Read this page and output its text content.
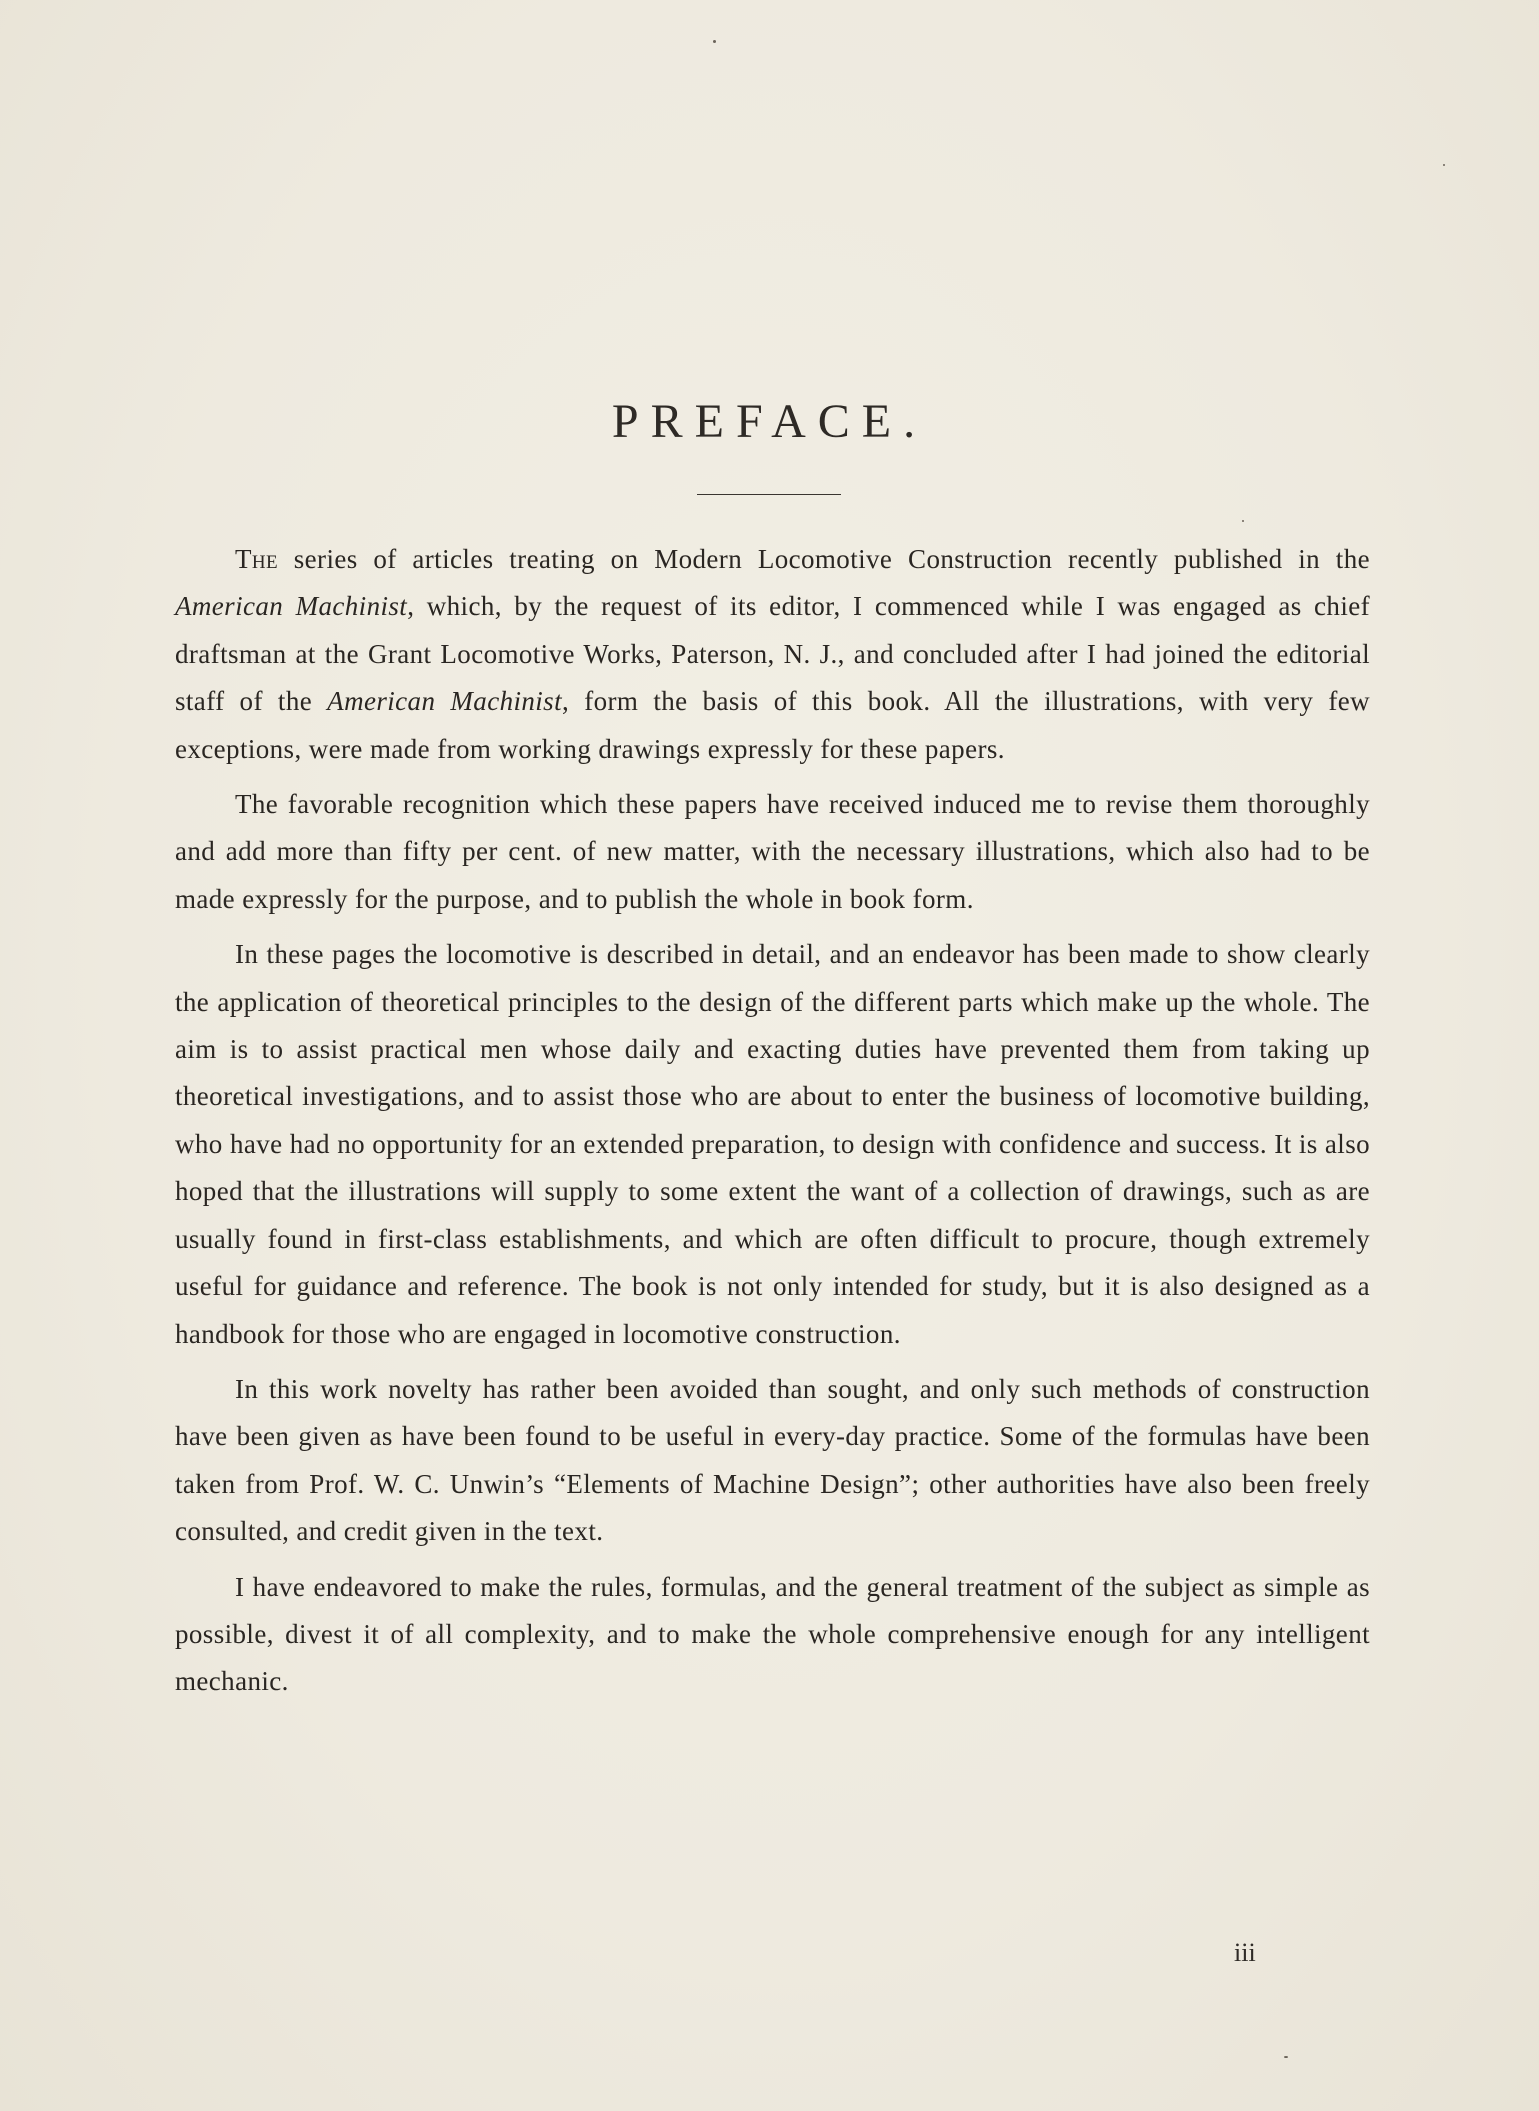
PREFACE.

The series of articles treating on Modern Locomotive Construction recently published in the American Machinist, which, by the request of its editor, I commenced while I was engaged as chief draftsman at the Grant Locomotive Works, Paterson, N. J., and concluded after I had joined the editorial staff of the American Machinist, form the basis of this book. All the illustrations, with very few exceptions, were made from working drawings expressly for these papers.

The favorable recognition which these papers have received induced me to revise them thoroughly and add more than fifty per cent. of new matter, with the necessary illustrations, which also had to be made expressly for the purpose, and to publish the whole in book form.

In these pages the locomotive is described in detail, and an endeavor has been made to show clearly the application of theoretical principles to the design of the different parts which make up the whole. The aim is to assist practical men whose daily and exacting duties have prevented them from taking up theoretical investigations, and to assist those who are about to enter the business of locomotive building, who have had no opportunity for an extended preparation, to design with confidence and success. It is also hoped that the illustrations will supply to some extent the want of a collection of drawings, such as are usually found in first-class establishments, and which are often difficult to procure, though extremely useful for guidance and reference. The book is not only intended for study, but it is also designed as a handbook for those who are engaged in locomotive construction.

In this work novelty has rather been avoided than sought, and only such methods of construction have been given as have been found to be useful in every-day practice. Some of the formulas have been taken from Prof. W. C. Unwin’s “Elements of Machine Design”; other authorities have also been freely consulted, and credit given in the text.

I have endeavored to make the rules, formulas, and the general treatment of the subject as simple as possible, divest it of all complexity, and to make the whole comprehensive enough for any intelligent mechanic.

iii
